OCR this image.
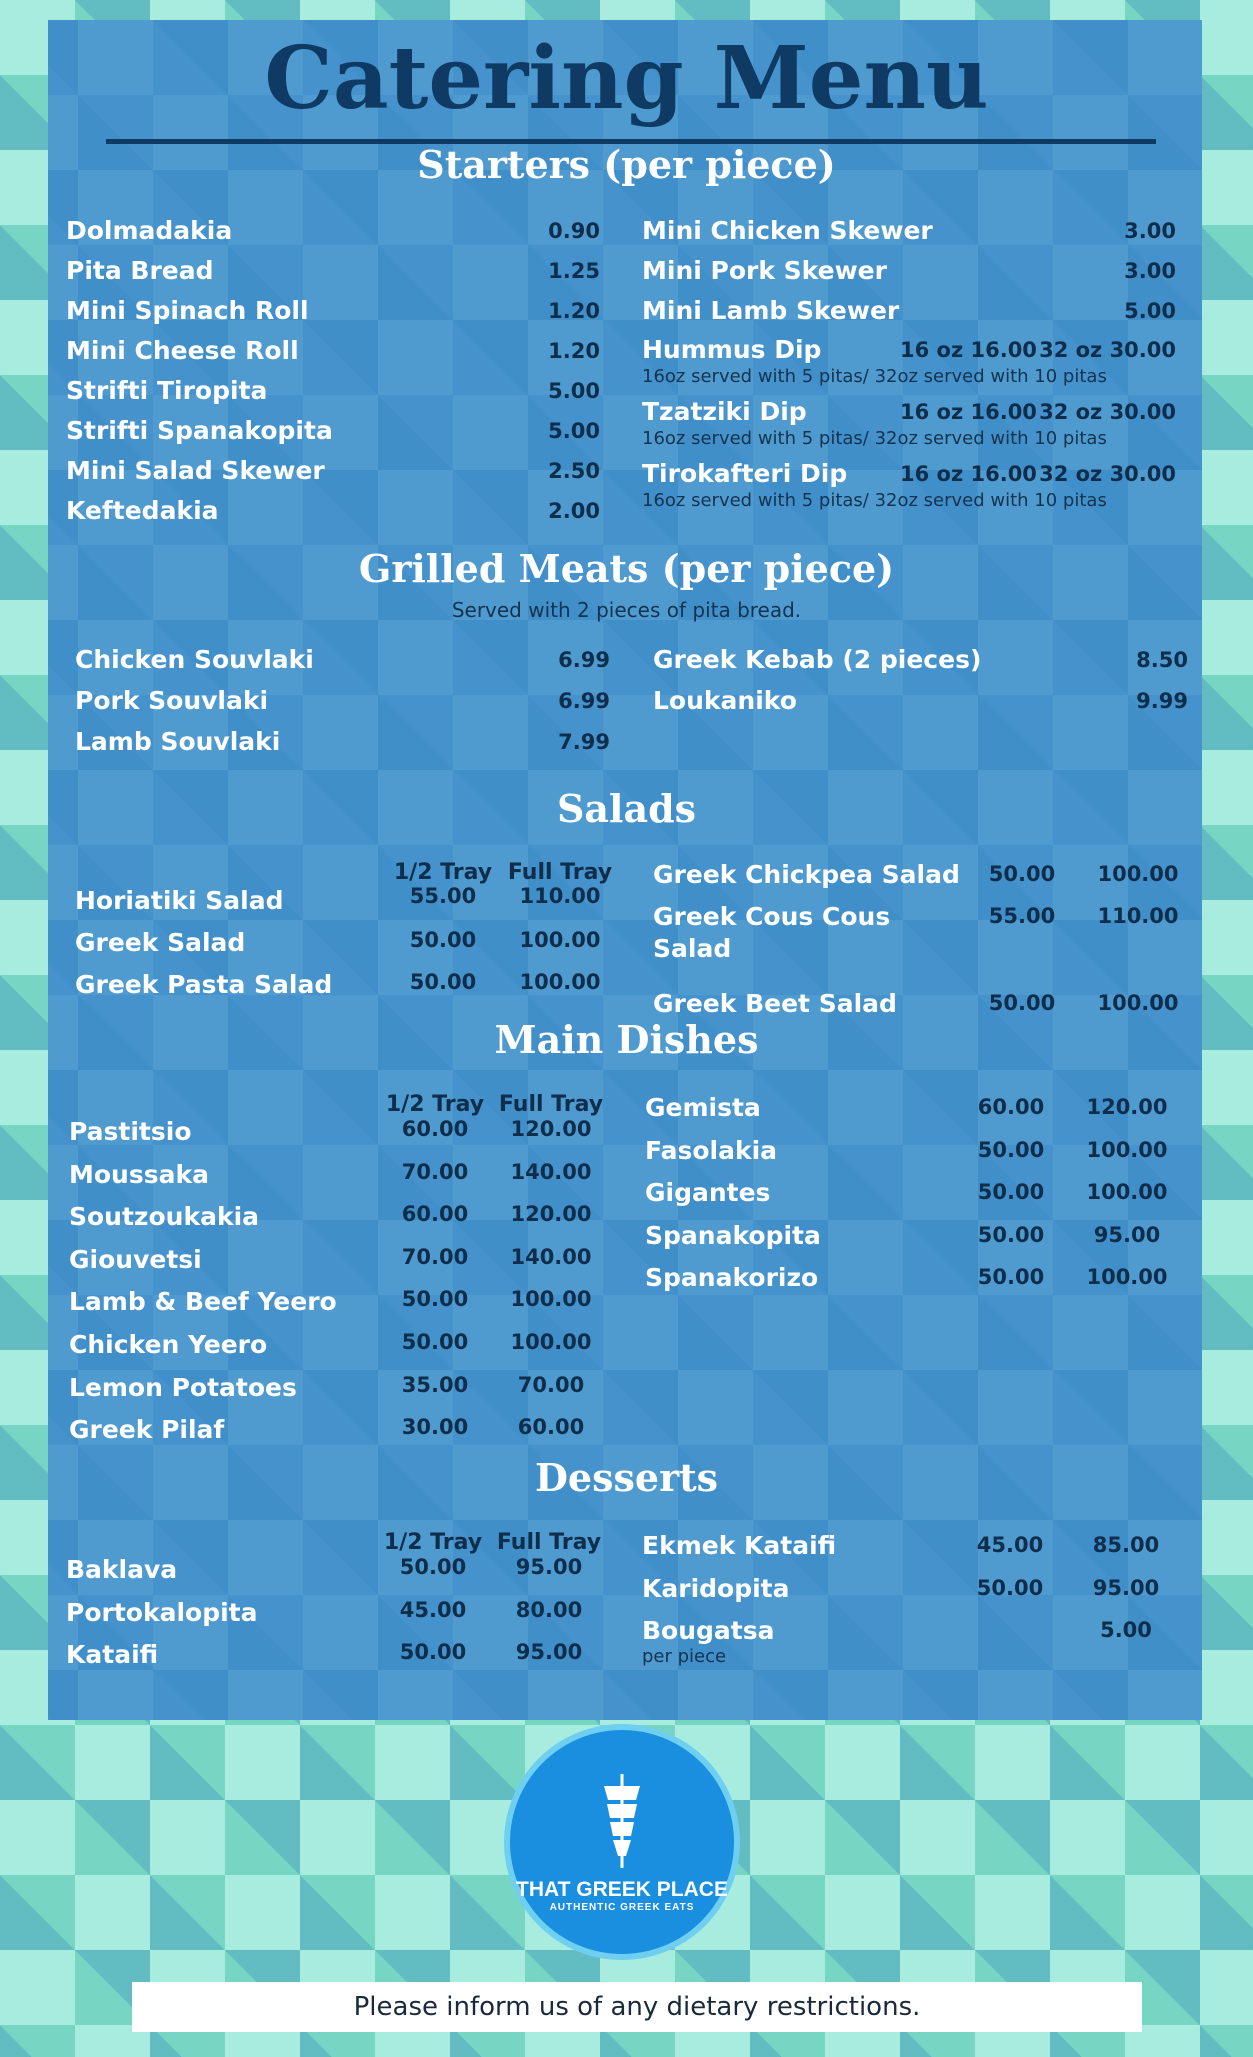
Catering Menu
Starters (per piece)
Grilled Meats (per piece)
Served with 2 pieces of pita bread.
Salads
Main Dishes
Desserts
Dolmadakia	0.90
Pita Bread	1.25
Mini Spinach Roll	1.20
Mini Cheese Roll	1.20
Strifti Tiropita	5.00
Strifti Spanakopita	5.00
Mini Salad Skewer	2.50
Keftedakia	2.00
Mini Chicken Skewer	3.00
Mini Pork Skewer	3.00
Mini Lamb Skewer	5.00
Hummus Dip	16 oz 16.00 32 oz 30.00
16oz served with 5 pitas/ 32oz served with 10 pitas
Tzatziki Dip	16 oz 16.00 32 oz 30.00
16oz served with 5 pitas/ 32oz served with 10 pitas
Tirokafteri Dip	16 oz 16.00 32 oz 30.00
16oz served with 5 pitas/ 32oz served with 10 pitas
Chicken Souvlaki	6.99
Pork Souvlaki	6.99
Lamb Souvlaki	7.99
Greek Kebab (2 pieces)	8.50
Loukaniko	9.99
1/2 Tray Full Tray
Horiatiki Salad	55.00	110.00
Greek Salad	50.00	100.00
Greek Pasta Salad	50.00	100.00
Greek Chickpea Salad	50.00	100.00
Greek Cous Cous
Salad
55.00	110.00
Greek Beet Salad	50.00	100.00
1/2 Tray Full Tray
Pastitsio	60.00	120.00
Moussaka	70.00	140.00
Soutzoukakia	60.00	120.00
Giouvetsi	70.00	140.00
Lamb & Beef Yeero	50.00	100.00
Chicken Yeero	50.00	100.00
Lemon Potatoes	35.00	70.00
Greek Pilaf	30.00	60.00
Gemista	60.00	120.00
Fasolakia	50.00	100.00
Gigantes	50.00	100.00
Spanakopita	50.00	95.00
Spanakorizo	50.00	100.00
1/2 Tray Full Tray
Baklava	50.00	95.00
Portokalopita	45.00	80.00
Kataifi	50.00	95.00
Ekmek Kataifi	45.00	85.00
Karidopita	50.00	95.00
Bougatsa	5.00
per piece
THAT GREEK PLACE
AUTHENTIC GREEK EATS
Please inform us of any dietary restrictions.
